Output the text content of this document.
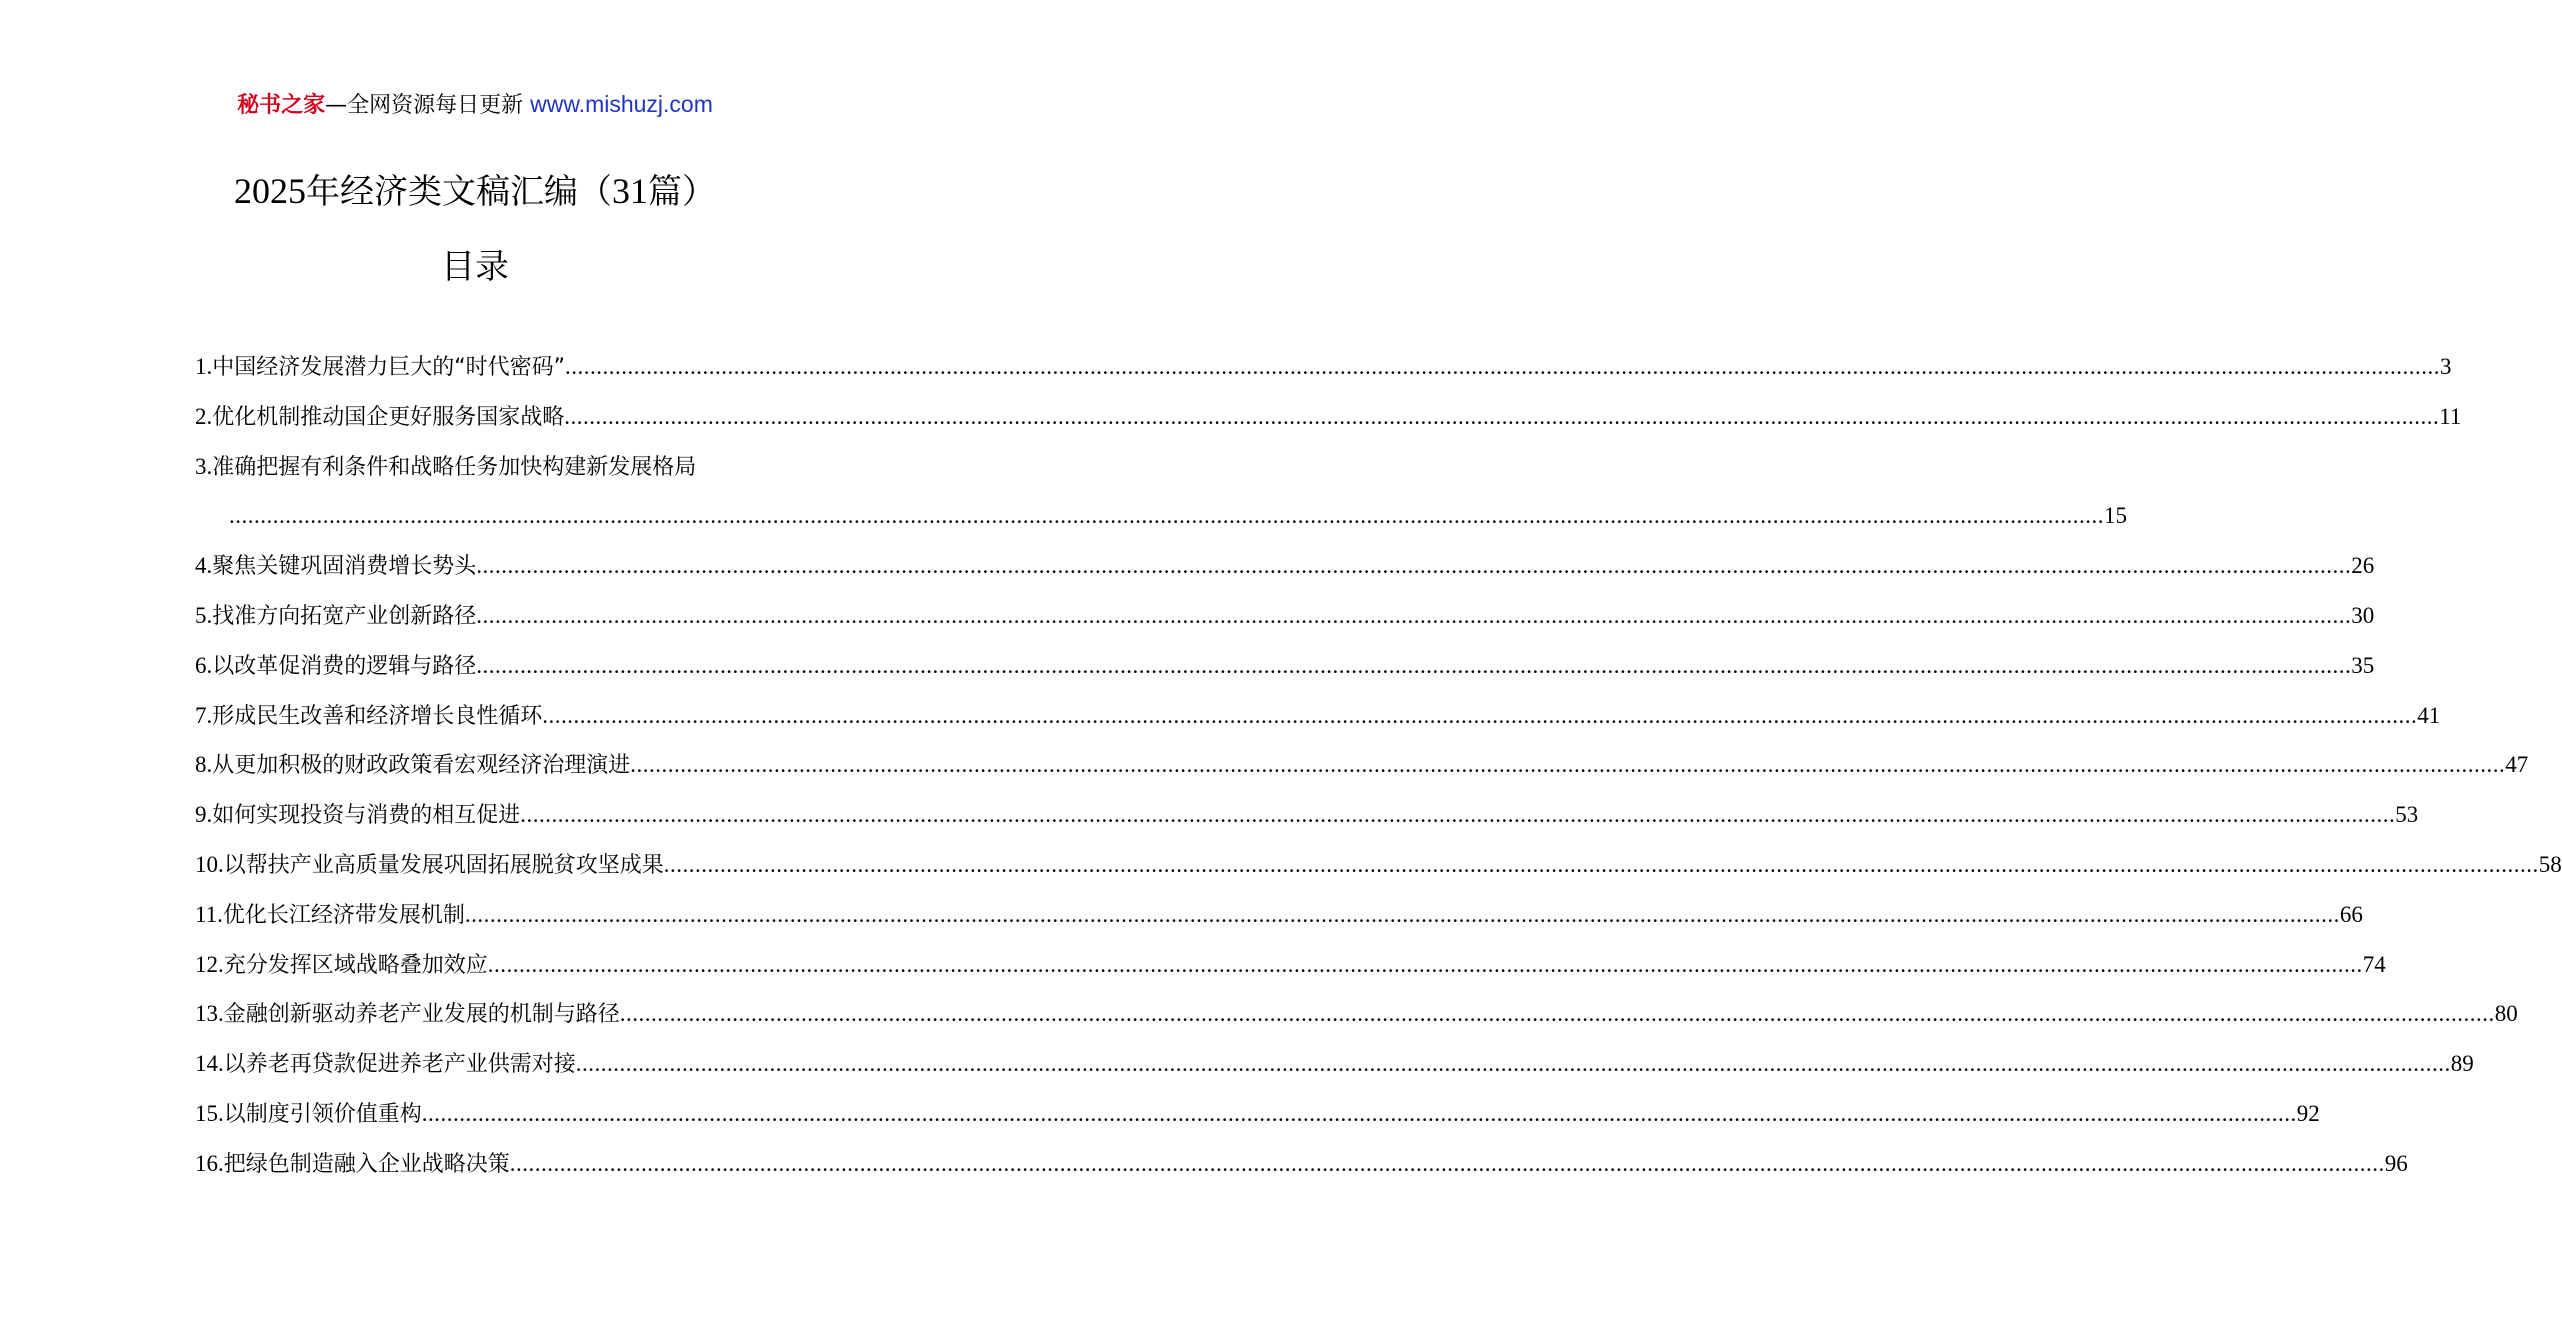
秘书之家—全网资源每日更新 www.mishuzj.com
2025年经济类文稿汇编（31篇）
目录
1. 中国经济发展潜力巨大的“时代密码” ............................................................................................................................................................................................................................................................................................................ 3
2. 优化机制推动国企更好服务国家战略 ............................................................................................................................................................................................................................................................................................................ 11
3. 准确把握有利条件和战略任务加快构建新发展格局
............................................................................................................................................................................................................................................................................................................ 15
4. 聚焦关键巩固消费增长势头 ............................................................................................................................................................................................................................................................................................................ 26
5. 找准方向拓宽产业创新路径 ............................................................................................................................................................................................................................................................................................................ 30
6. 以改革促消费的逻辑与路径 ............................................................................................................................................................................................................................................................................................................ 35
7. 形成民生改善和经济增长良性循环 ............................................................................................................................................................................................................................................................................................................ 41
8. 从更加积极的财政政策看宏观经济治理演进 ............................................................................................................................................................................................................................................................................................................ 47
9. 如何实现投资与消费的相互促进 ............................................................................................................................................................................................................................................................................................................ 53
10. 以帮扶产业高质量发展巩固拓展脱贫攻坚成果 ............................................................................................................................................................................................................................................................................................................ 58
11. 优化长江经济带发展机制 ............................................................................................................................................................................................................................................................................................................ 66
12. 充分发挥区域战略叠加效应 ............................................................................................................................................................................................................................................................................................................ 74
13. 金融创新驱动养老产业发展的机制与路径 ............................................................................................................................................................................................................................................................................................................ 80
14. 以养老再贷款促进养老产业供需对接 ............................................................................................................................................................................................................................................................................................................ 89
15. 以制度引领价值重构 ............................................................................................................................................................................................................................................................................................................ 92
16. 把绿色制造融入企业战略决策 ............................................................................................................................................................................................................................................................................................................ 96
